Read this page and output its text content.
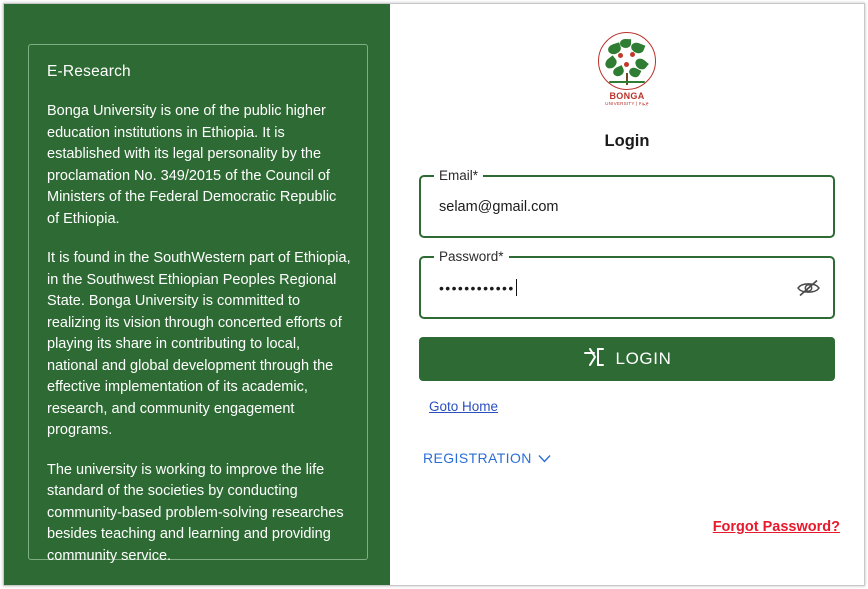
E-Research

Bonga University is one of the public higher education institutions in Ethiopia. It is established with its legal personality by the proclamation No. 349/2015 of the Council of Ministers of the Federal Democratic Republic of Ethiopia.

It is found in the SouthWestern part of Ethiopia, in the Southwest Ethiopian Peoples Regional State. Bonga University is committed to realizing its vision through concerted efforts of playing its share in contributing to local, national and global development through the effective implementation of its academic, research, and community engagement programs.

The university is working to improve the life standard of the societies by conducting community-based problem-solving researches besides teaching and learning and providing community service.

BONGA
UNIVERSITY | ኮሌጅ
Login
Email*
selam@gmail.com
Password*
••••••••••••
LOGIN
Goto Home
REGISTRATION
Forgot Password?
